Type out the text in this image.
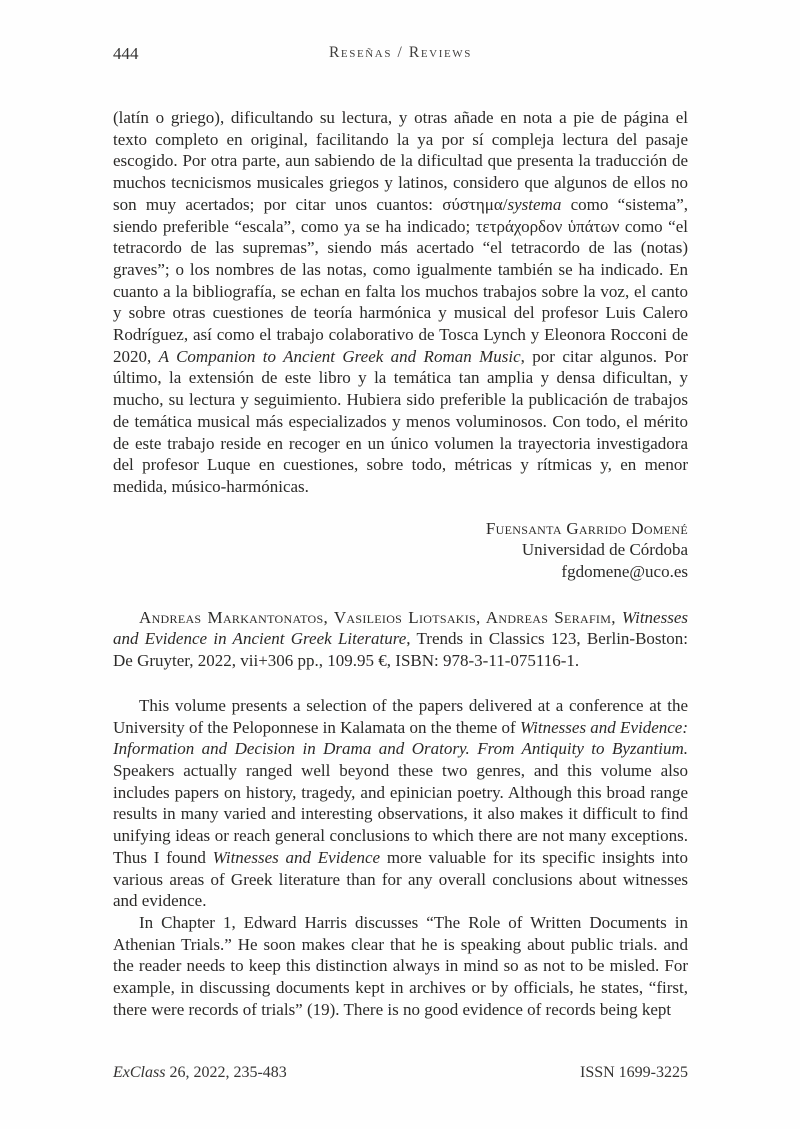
444	Reseñas / Reviews

(latín o griego), dificultando su lectura, y otras añade en nota a pie de página el texto completo en original, facilitando la ya por sí compleja lectura del pasaje escogido. Por otra parte, aun sabiendo de la dificultad que presenta la traducción de muchos tecnicismos musicales griegos y latinos, considero que algunos de ellos no son muy acertados; por citar unos cuantos: σύστημα/systema como “sistema”, siendo preferible “escala”, como ya se ha indicado; τετράχορδον ὑπάτων como “el tetracordo de las supremas”, siendo más acertado “el tetracordo de las (notas) graves”; o los nombres de las notas, como igualmente también se ha indicado. En cuanto a la bibliografía, se echan en falta los muchos trabajos sobre la voz, el canto y sobre otras cuestiones de teoría harmónica y musical del profesor Luis Calero Rodríguez, así como el trabajo colaborativo de Tosca Lynch y Eleonora Rocconi de 2020, A Companion to Ancient Greek and Roman Music, por citar algunos. Por último, la extensión de este libro y la temática tan amplia y densa dificultan, y mucho, su lectura y seguimiento. Hubiera sido preferible la publicación de trabajos de temática musical más especializados y menos voluminosos. Con todo, el mérito de este trabajo reside en recoger en un único volumen la trayectoria investigadora del profesor Luque en cuestiones, sobre todo, métricas y rítmicas y, en menor medida, músico-harmónicas.

Fuensanta Garrido Domené
Universidad de Córdoba
fgdomene@uco.es

Andreas Markantonatos, Vasileios Liotsakis, Andreas Serafim, Witnesses and Evidence in Ancient Greek Literature, Trends in Classics 123, Berlin-Boston: De Gruyter, 2022, vii+306 pp., 109.95 €, ISBN: 978-3-11-075116-1.

This volume presents a selection of the papers delivered at a conference at the University of the Peloponnese in Kalamata on the theme of Witnesses and Evidence: Information and Decision in Drama and Oratory. From Antiquity to Byzantium. Speakers actually ranged well beyond these two genres, and this volume also includes papers on history, tragedy, and epinician poetry. Although this broad range results in many varied and interesting observations, it also makes it difficult to find unifying ideas or reach general conclusions to which there are not many exceptions. Thus I found Witnesses and Evidence more valuable for its specific insights into various areas of Greek literature than for any overall conclusions about witnesses and evidence.

In Chapter 1, Edward Harris discusses “The Role of Written Documents in Athenian Trials.” He soon makes clear that he is speaking about public trials. and the reader needs to keep this distinction always in mind so as not to be misled. For example, in discussing documents kept in archives or by officials, he states, “first, there were records of trials” (19). There is no good evidence of records being kept

ExClass 26, 2022, 235-483	ISSN 1699-3225
